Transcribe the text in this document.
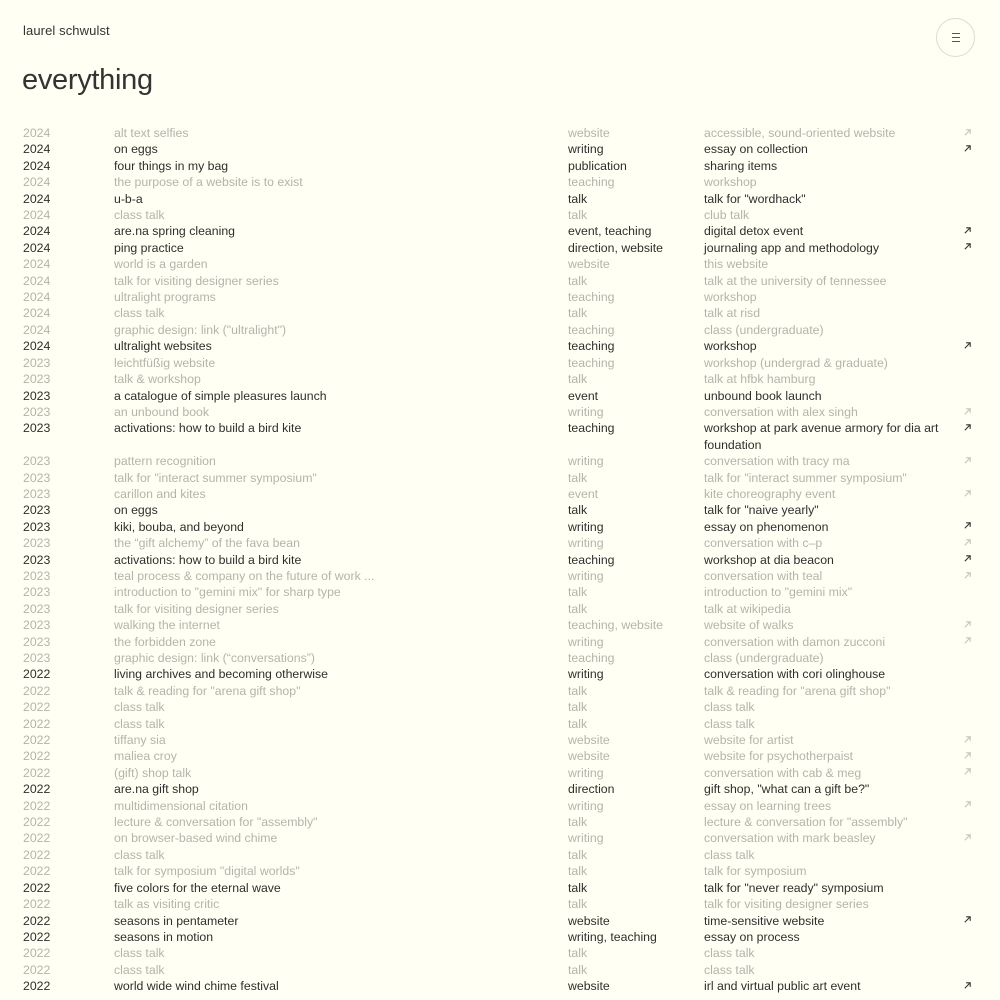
laurel schwulst
everything
2024	alt text selfies	website	accessible, sound-oriented website
2024	on eggs	writing	essay on collection
2024	four things in my bag	publication	sharing items
2024	the purpose of a website is to exist	teaching	workshop
2024	u-b-a	talk	talk for "wordhack"
2024	class talk	talk	club talk
2024	are.na spring cleaning	event, teaching	digital detox event
2024	ping practice	direction, website	journaling app and methodology
2024	world is a garden	website	this website
2024	talk for visiting designer series	talk	talk at the university of tennessee
2024	ultralight programs	teaching	workshop
2024	class talk	talk	talk at risd
2024	graphic design: link ("ultralight")	teaching	class (undergraduate)
2024	ultralight websites	teaching	workshop
2023	leichtfüßig website	teaching	workshop (undergrad & graduate)
2023	talk & workshop	talk	talk at hfbk hamburg
2023	a catalogue of simple pleasures launch	event	unbound book launch
2023	an unbound book	writing	conversation with alex singh
2023	activations: how to build a bird kite	teaching	workshop at park avenue armory for dia art foundation
2023	pattern recognition	writing	conversation with tracy ma
2023	talk for "interact summer symposium"	talk	talk for "interact summer symposium"
2023	carillon and kites	event	kite choreography event
2023	on eggs	talk	talk for "naive yearly"
2023	kiki, bouba, and beyond	writing	essay on phenomenon
2023	the “gift alchemy” of the fava bean	writing	conversation with c–p
2023	activations: how to build a bird kite	teaching	workshop at dia beacon
2023	teal process & company on the future of work ...	writing	conversation with teal
2023	introduction to "gemini mix" for sharp type	talk	introduction to "gemini mix"
2023	talk for visiting designer series	talk	talk at wikipedia
2023	walking the internet	teaching, website	website of walks
2023	the forbidden zone	writing	conversation with damon zucconi
2023	graphic design: link (“conversations”)	teaching	class (undergraduate)
2022	living archives and becoming otherwise	writing	conversation with cori olinghouse
2022	talk & reading for "arena gift shop"	talk	talk & reading for "arena gift shop"
2022	class talk	talk	class talk
2022	class talk	talk	class talk
2022	tiffany sia	website	website for artist
2022	maliea croy	website	website for psychotherpaist
2022	(gift) shop talk	writing	conversation with cab & meg
2022	are.na gift shop	direction	gift shop, "what can a gift be?"
2022	multidimensional citation	writing	essay on learning trees
2022	lecture & conversation for "assembly"	talk	lecture & conversation for "assembly"
2022	on browser-based wind chime	writing	conversation with mark beasley
2022	class talk	talk	class talk
2022	talk for symposium "digital worlds"	talk	talk for symposium
2022	five colors for the eternal wave	talk	talk for "never ready" symposium
2022	talk as visiting critic	talk	talk for visiting designer series
2022	seasons in pentameter	website	time-sensitive website
2022	seasons in motion	writing, teaching	essay on process
2022	class talk	talk	class talk
2022	class talk	talk	class talk
2022	world wide wind chime festival	website	irl and virtual public art event
